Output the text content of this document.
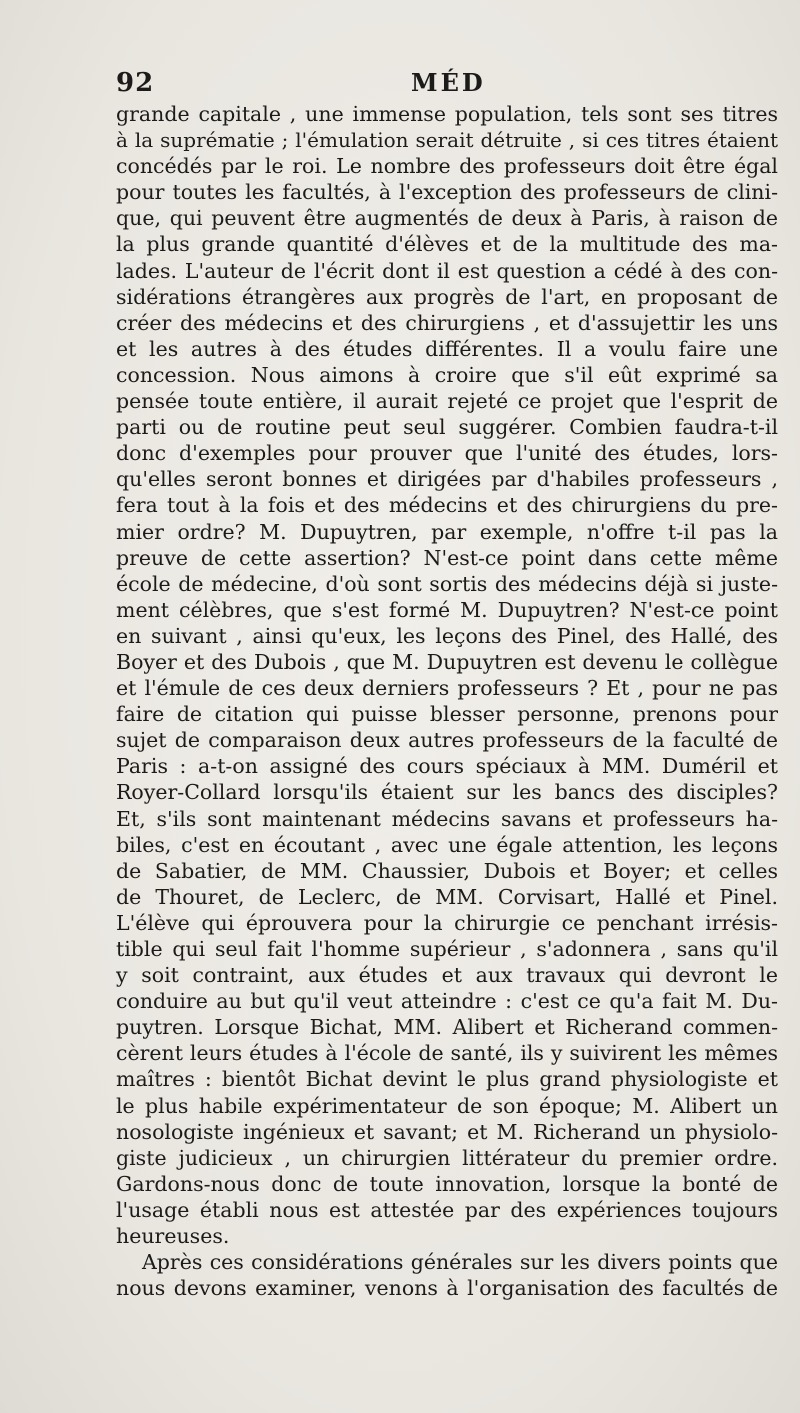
92	MÉD
grande capitale , une immense population, tels sont ses titres
à la suprématie ; l'émulation serait détruite , si ces titres étaient
concédés par le roi. Le nombre des professeurs doit être égal
pour toutes les facultés, à l'exception des professeurs de clini-
que, qui peuvent être augmentés de deux à Paris, à raison de
la plus grande quantité d'élèves et de la multitude des ma-
lades. L'auteur de l'écrit dont il est question a cédé à des con-
sidérations étrangères aux progrès de l'art, en proposant de
créer des médecins et des chirurgiens , et d'assujettir les uns
et les autres à des études différentes. Il a voulu faire une
concession. Nous aimons à croire que s'il eût exprimé sa
pensée toute entière, il aurait rejeté ce projet que l'esprit de
parti ou de routine peut seul suggérer. Combien faudra-t-il
donc d'exemples pour prouver que l'unité des études, lors-
qu'elles seront bonnes et dirigées par d'habiles professeurs ,
fera tout à la fois et des médecins et des chirurgiens du pre-
mier ordre? M. Dupuytren, par exemple, n'offre t-il pas la
preuve de cette assertion? N'est-ce point dans cette même
école de médecine, d'où sont sortis des médecins déjà si juste-
ment célèbres, que s'est formé M. Dupuytren? N'est-ce point
en suivant , ainsi qu'eux, les leçons des Pinel, des Hallé, des
Boyer et des Dubois , que M. Dupuytren est devenu le collègue
et l'émule de ces deux derniers professeurs ? Et , pour ne pas
faire de citation qui puisse blesser personne, prenons pour
sujet de comparaison deux autres professeurs de la faculté de
Paris : a-t-on assigné des cours spéciaux à MM. Duméril et
Royer-Collard lorsqu'ils étaient sur les bancs des disciples?
Et, s'ils sont maintenant médecins savans et professeurs ha-
biles, c'est en écoutant , avec une égale attention, les leçons
de Sabatier, de MM. Chaussier, Dubois et Boyer; et celles
de Thouret, de Leclerc, de MM. Corvisart, Hallé et Pinel.
L'élève qui éprouvera pour la chirurgie ce penchant irrésis-
tible qui seul fait l'homme supérieur , s'adonnera , sans qu'il
y soit contraint, aux études et aux travaux qui devront le
conduire au but qu'il veut atteindre : c'est ce qu'a fait M. Du-
puytren. Lorsque Bichat, MM. Alibert et Richerand commen-
cèrent leurs études à l'école de santé, ils y suivirent les mêmes
maîtres : bientôt Bichat devint le plus grand physiologiste et
le plus habile expérimentateur de son époque; M. Alibert un
nosologiste ingénieux et savant; et M. Richerand un physiolo-
giste judicieux , un chirurgien littérateur du premier ordre.
Gardons-nous donc de toute innovation, lorsque la bonté de
l'usage établi nous est attestée par des expériences toujours
heureuses.
Après ces considérations générales sur les divers points que
nous devons examiner, venons à l'organisation des facultés de
